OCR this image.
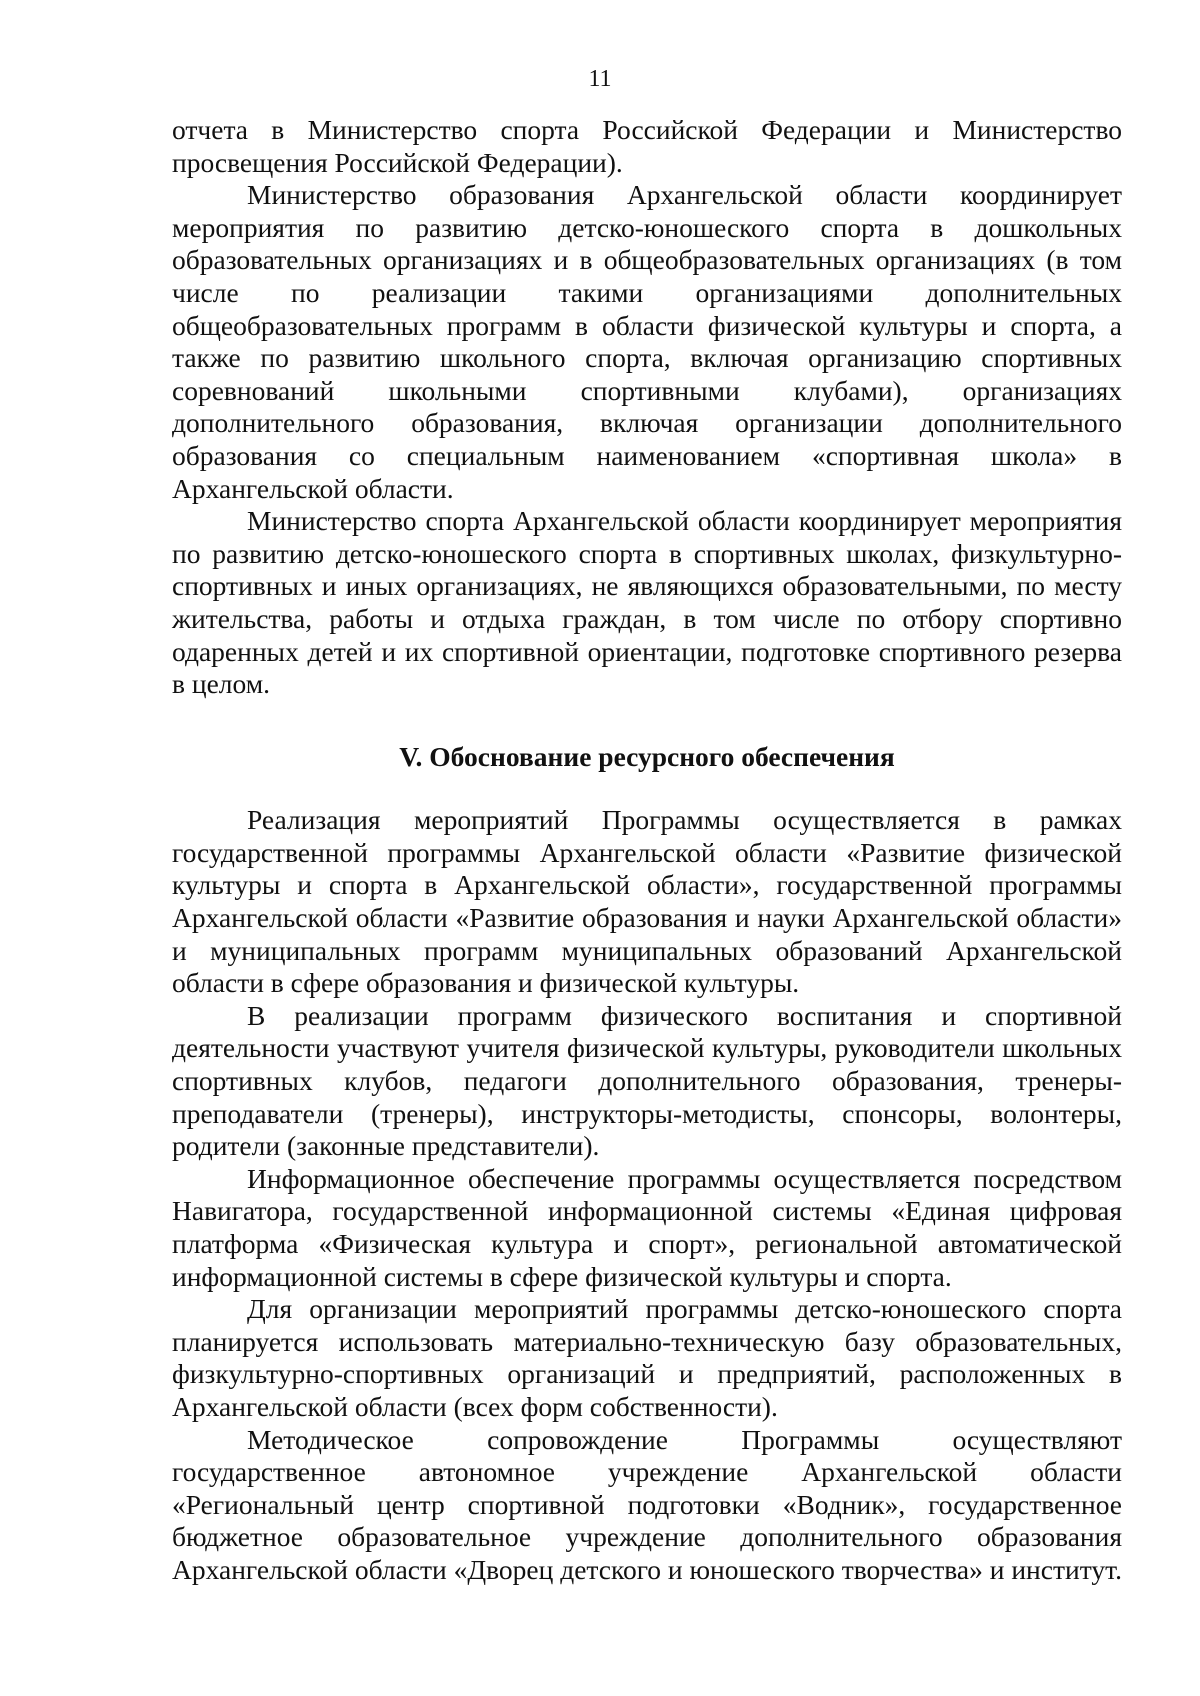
11

отчета в Министерство спорта Российской Федерации и Министерство просвещения Российской Федерации).

Министерство образования Архангельской области координирует мероприятия по развитию детско-юношеского спорта в дошкольных образовательных организациях и в общеобразовательных организациях (в том числе по реализации такими организациями дополнительных общеобразовательных программ в области физической культуры и спорта, а также по развитию школьного спорта, включая организацию спортивных соревнований школьными спортивными клубами), организациях дополнительного образования, включая организации дополнительного образования со специальным наименованием «спортивная школа» в Архангельской области.

Министерство спорта Архангельской области координирует мероприятия по развитию детско-юношеского спорта в спортивных школах, физкультурно-спортивных и иных организациях, не являющихся образовательными, по месту жительства, работы и отдыха граждан, в том числе по отбору спортивно одаренных детей и их спортивной ориентации, подготовке спортивного резерва в целом.

V. Обоснование ресурсного обеспечения

Реализация мероприятий Программы осуществляется в рамках государственной программы Архангельской области «Развитие физической культуры и спорта в Архангельской области», государственной программы Архангельской области «Развитие образования и науки Архангельской области» и муниципальных программ муниципальных образований Архангельской области в сфере образования и физической культуры.

В реализации программ физического воспитания и спортивной деятельности участвуют учителя физической культуры, руководители школьных спортивных клубов, педагоги дополнительного образования, тренеры-преподаватели (тренеры), инструкторы-методисты, спонсоры, волонтеры, родители (законные представители).

Информационное обеспечение программы осуществляется посредством Навигатора, государственной информационной системы «Единая цифровая платформа «Физическая культура и спорт», региональной автоматической информационной системы в сфере физической культуры и спорта.

Для организации мероприятий программы детско-юношеского спорта планируется использовать материально-техническую базу образовательных, физкультурно-спортивных организаций и предприятий, расположенных в Архангельской области (всех форм собственности).

Методическое сопровождение Программы осуществляют государственное автономное учреждение Архангельской области «Региональный центр спортивной подготовки «Водник», государственное бюджетное образовательное учреждение дополнительного образования Архангельской области «Дворец детского и юношеского творчества» и институт.
